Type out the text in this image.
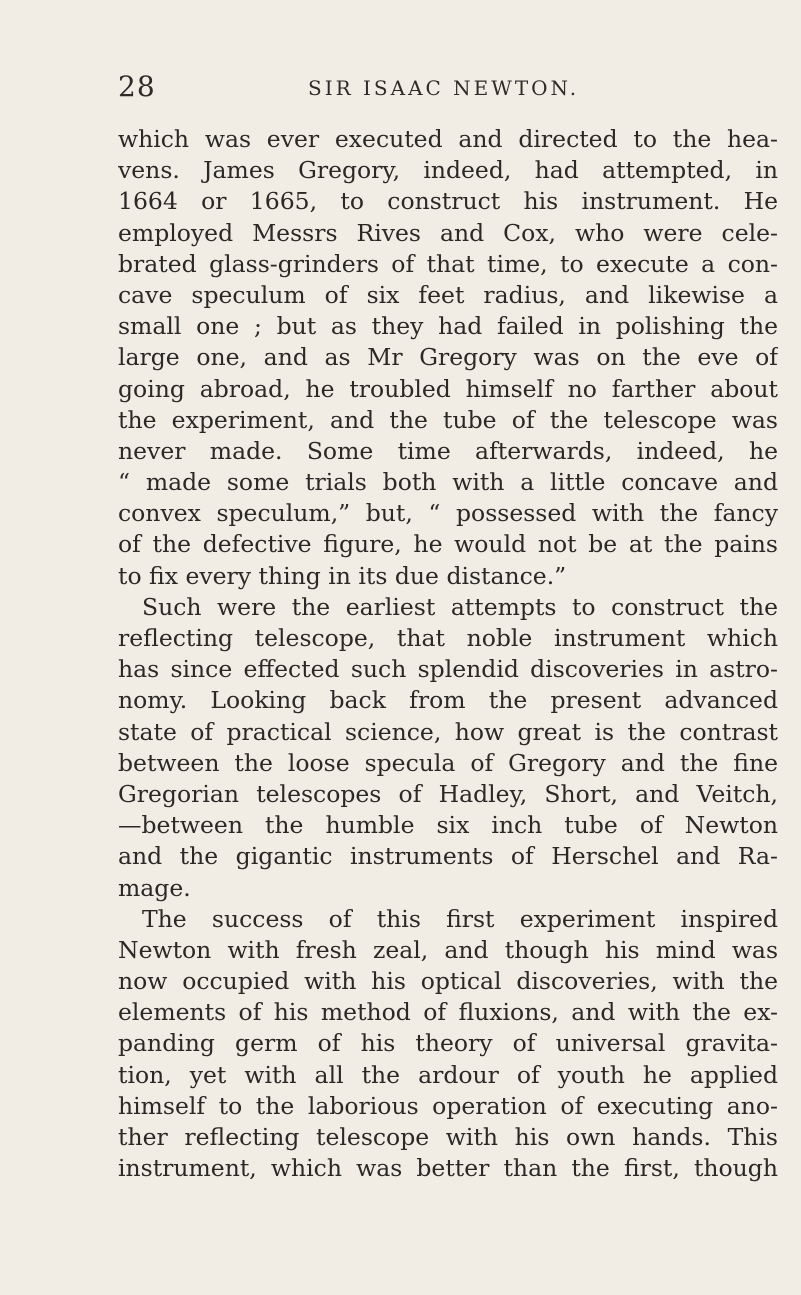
28	SIR ISAAC NEWTON.
which was ever executed and directed to the hea-
vens. James Gregory, indeed, had attempted, in
1664 or 1665, to construct his instrument. He
employed Messrs Rives and Cox, who were cele-
brated glass-grinders of that time, to execute a con-
cave speculum of six feet radius, and likewise a
small one ; but as they had failed in polishing the
large one, and as Mr Gregory was on the eve of
going abroad, he troubled himself no farther about
the experiment, and the tube of the telescope was
never made. Some time afterwards, indeed, he
“ made some trials both with a little concave and
convex speculum,” but, “ possessed with the fancy
of the defective figure, he would not be at the pains
to fix every thing in its due distance.”
Such were the earliest attempts to construct the
reflecting telescope, that noble instrument which
has since effected such splendid discoveries in astro-
nomy. Looking back from the present advanced
state of practical science, how great is the contrast
between the loose specula of Gregory and the fine
Gregorian telescopes of Hadley, Short, and Veitch,
—between the humble six inch tube of Newton
and the gigantic instruments of Herschel and Ra-
mage.
The success of this first experiment inspired
Newton with fresh zeal, and though his mind was
now occupied with his optical discoveries, with the
elements of his method of fluxions, and with the ex-
panding germ of his theory of universal gravita-
tion, yet with all the ardour of youth he applied
himself to the laborious operation of executing ano-
ther reflecting telescope with his own hands. This
instrument, which was better than the first, though
